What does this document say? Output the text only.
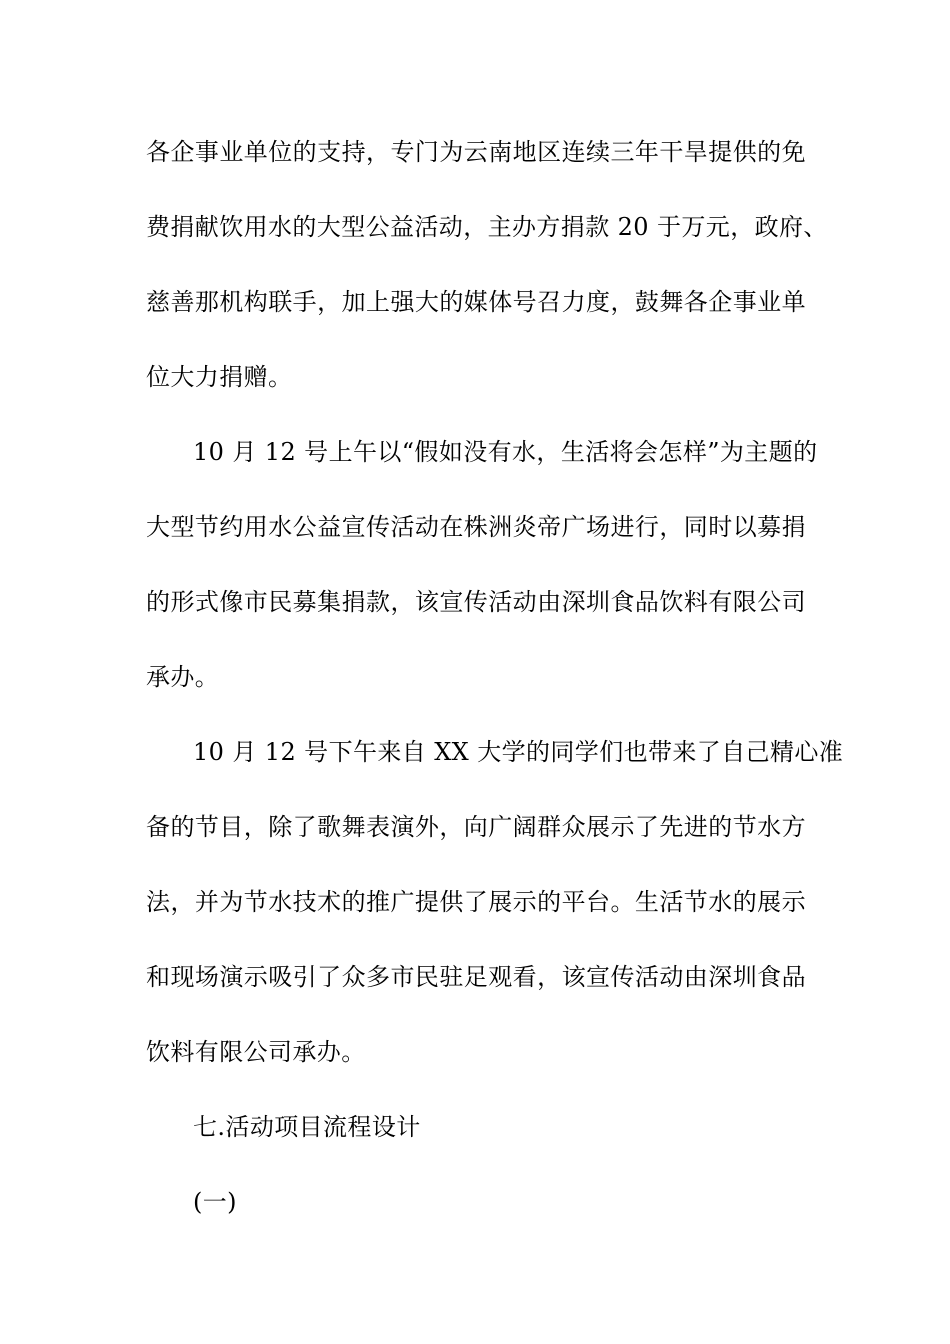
各企事业单位的支持，专门为云南地区连续三年干旱提供的免
费捐献饮用水的大型公益活动，主办方捐款 20 于万元，政府、
慈善那机构联手，加上强大的媒体号召力度，鼓舞各企事业单
位大力捐赠。
10 月 12 号上午以“假如没有水，生活将会怎样”为主题的
大型节约用水公益宣传活动在株洲炎帝广场进行，同时以募捐
的形式像市民募集捐款，该宣传活动由深圳食品饮料有限公司
承办。
10 月 12 号下午来自 XX 大学的同学们也带来了自己精心准
备的节目，除了歌舞表演外，向广阔群众展示了先进的节水方
法，并为节水技术的推广提供了展示的平台。生活节水的展示
和现场演示吸引了众多市民驻足观看，该宣传活动由深圳食品
饮料有限公司承办。
七.活动项目流程设计
(一)
